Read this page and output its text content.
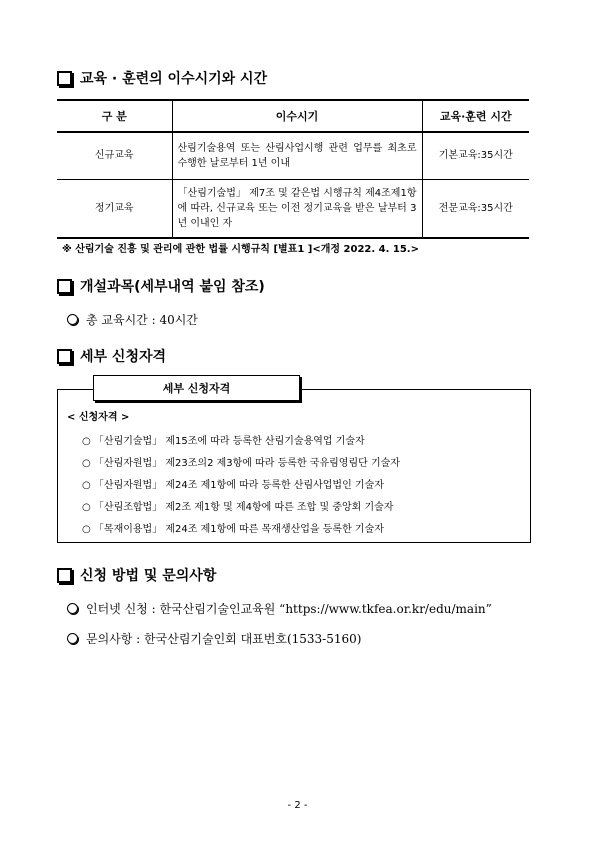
교육 · 훈련의 이수시기와 시간
구 분	이수시기	교육·훈련 시간
신규교육	산림기술용역 또는 산림사업시행 관련 업무를 최초로 수행한 날로부터 1년 이내	기본교육:35시간
정기교육	「산림기술법」 제7조 및 같은법 시행규칙 제4조제1항에 따라, 신규교육 또는 이전 정기교육을 받은 날부터 3년 이내인 자	전문교육:35시간
※ 산림기술 진흥 및 관리에 관한 법률 시행규칙 [별표1 ]<개정 2022. 4. 15.>
개설과목(세부내역 붙임 참조)
총 교육시간 : 40시간
세부 신청자격
세부 신청자격
< 신청자격 >
○ 「산림기술법」 제15조에 따라 등록한 산림기술용역업 기술자
○ 「산림자원법」 제23조의2 제3항에 따라 등록한 국유림영림단 기술자
○ 「산림자원법」 제24조 제1항에 따라 등록한 산림사업법인 기술자
○ 「산림조합법」 제2조 제1항 및 제4항에 따른 조합 및 중앙회 기술자
○ 「목재이용법」 제24조 제1항에 따른 목재생산업을 등록한 기술자
신청 방법 및 문의사항
인터넷 신청 : 한국산림기술인교육원 “https://www.tkfea.or.kr/edu/main”
문의사항 : 한국산림기술인회 대표번호(1533-5160)
- 2 -
